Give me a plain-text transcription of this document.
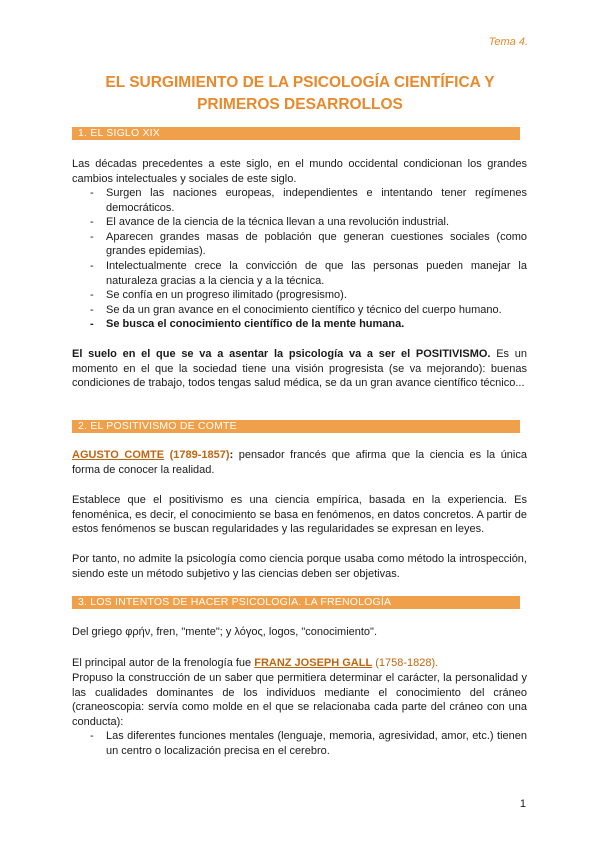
Tema 4.
EL SURGIMIENTO DE LA PSICOLOGÍA CIENTÍFICA Y
PRIMEROS DESARROLLOS
1. EL SIGLO XIX
Las décadas precedentes a este siglo, en el mundo occidental condicionan los grandes cambios intelectuales y sociales de este siglo.
- Surgen las naciones europeas, independientes e intentando tener regímenes democráticos.
- El avance de la ciencia de la técnica llevan a una revolución industrial.
- Aparecen grandes masas de población que generan cuestiones sociales (como grandes epidemias).
- Intelectualmente crece la convicción de que las personas pueden manejar la naturaleza gracias a la ciencia y a la técnica.
- Se confía en un progreso ilimitado (progresismo).
- Se da un gran avance en el conocimiento científico y técnico del cuerpo humano.
- Se busca el conocimiento científico de la mente humana.
El suelo en el que se va a asentar la psicología va a ser el POSITIVISMO. Es un momento en el que la sociedad tiene una visión progresista (se va mejorando): buenas condiciones de trabajo, todos tengas salud médica, se da un gran avance científico técnico...
2. EL POSITIVISMO DE COMTE
AGUSTO COMTE (1789-1857): pensador francés que afirma que la ciencia es la única forma de conocer la realidad.
Establece que el positivismo es una ciencia empírica, basada en la experiencia. Es fenoménica, es decir, el conocimiento se basa en fenómenos, en datos concretos. A partir de estos fenómenos se buscan regularidades y las regularidades se expresan en leyes.
Por tanto, no admite la psicología como ciencia porque usaba como método la introspección, siendo este un método subjetivo y las ciencias deben ser objetivas.
3. LOS INTENTOS DE HACER PSICOLOGÍA. LA FRENOLOGÍA
Del griego φρήν, fren, "mente"; y λόγος, logos, "conocimiento".
El principal autor de la frenología fue FRANZ JOSEPH GALL (1758-1828).
Propuso la construcción de un saber que permitiera determinar el carácter, la personalidad y las cualidades dominantes de los individuos mediante el conocimiento del cráneo (craneoscopia: servía como molde en el que se relacionaba cada parte del cráneo con una conducta):
- Las diferentes funciones mentales (lenguaje, memoria, agresividad, amor, etc.) tienen un centro o localización precisa en el cerebro.
1
